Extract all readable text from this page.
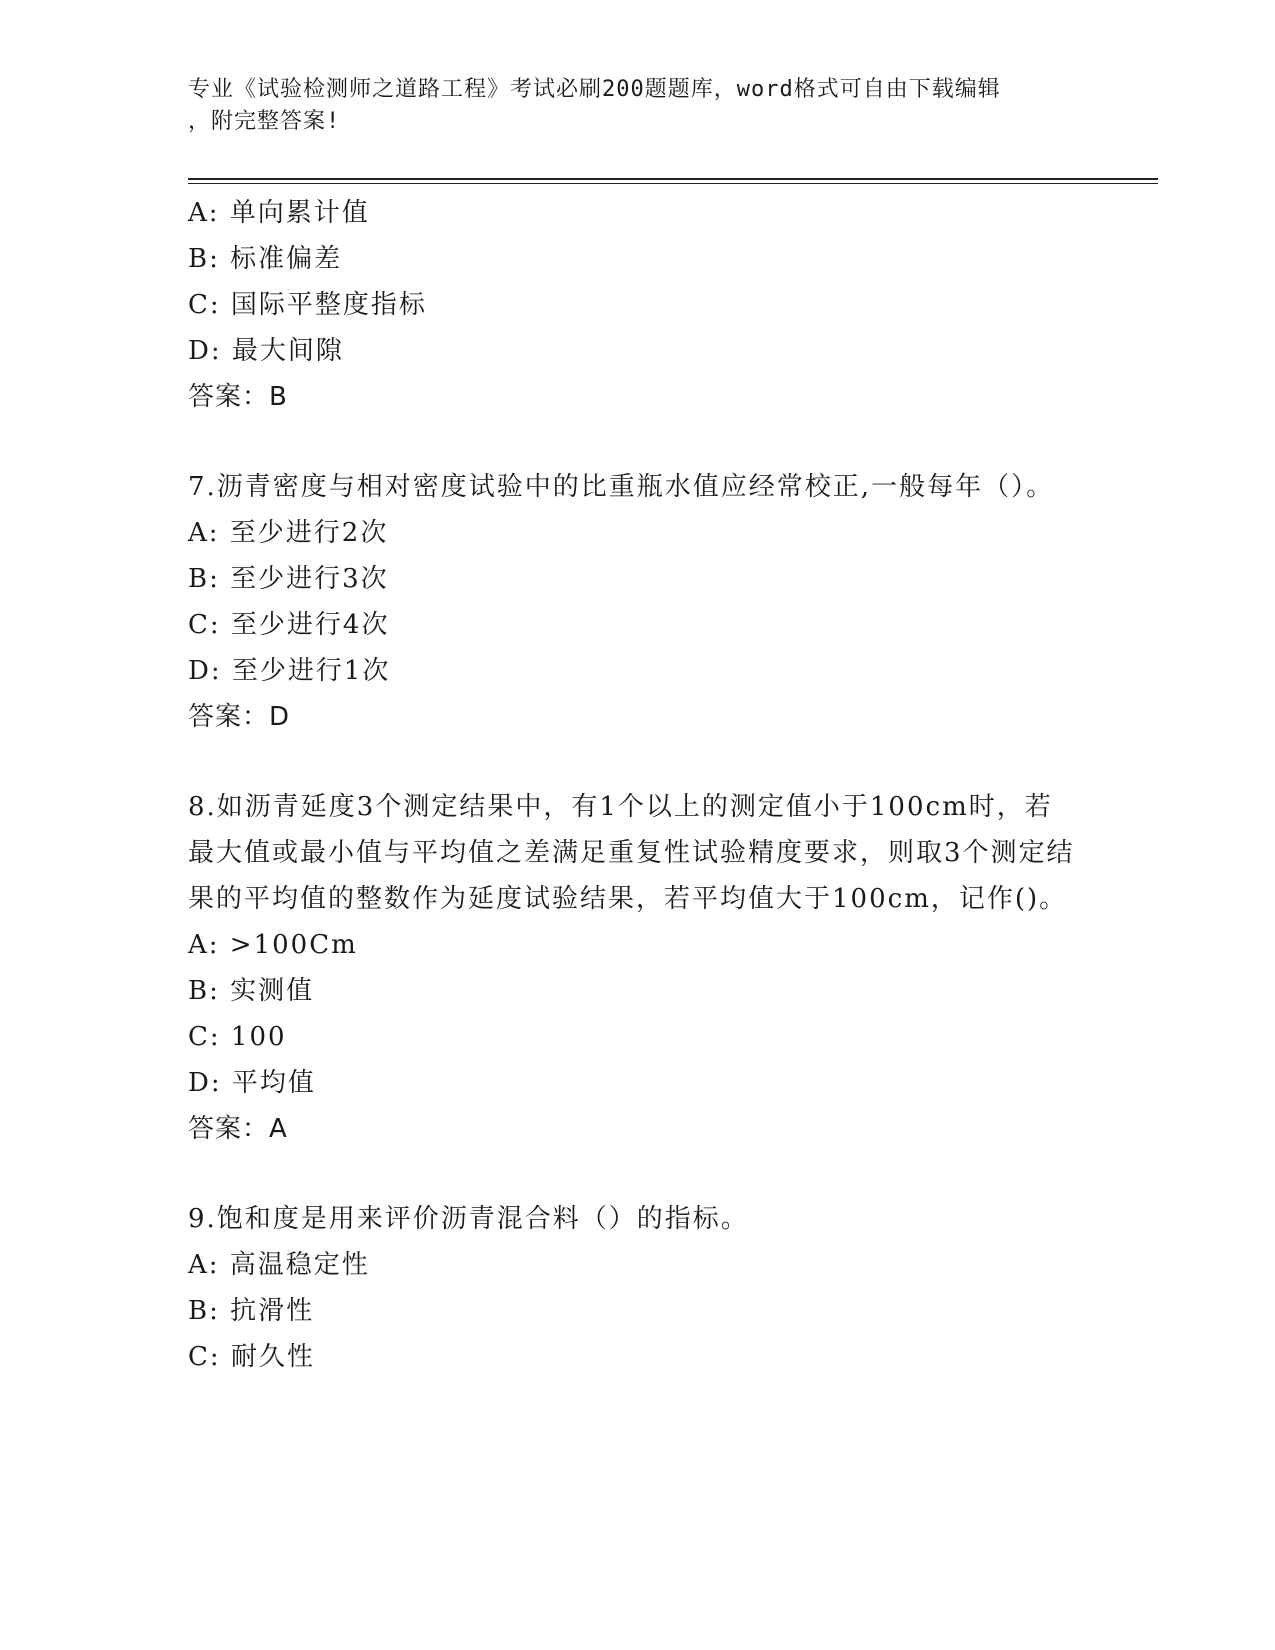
专业《试验检测师之道路工程》考试必刷200题题库，word格式可自由下载编辑
，附完整答案!
A: 单向累计值
B: 标准偏差
C: 国际平整度指标
D: 最大间隙
答案：B
7.沥青密度与相对密度试验中的比重瓶水值应经常校正,一般每年（）。
A: 至少进行2次
B: 至少进行3次
C: 至少进行4次
D: 至少进行1次
答案：D
8.如沥青延度3个测定结果中，有1个以上的测定值小于100cm时，若最大值或最小值与平均值之差满足重复性试验精度要求，则取3个测定结果的平均值的整数作为延度试验结果，若平均值大于100cm，记作()。
A: >100Cm
B: 实测值
C: 100
D: 平均值
答案：A
9.饱和度是用来评价沥青混合料（）的指标。
A: 高温稳定性
B: 抗滑性
C: 耐久性
